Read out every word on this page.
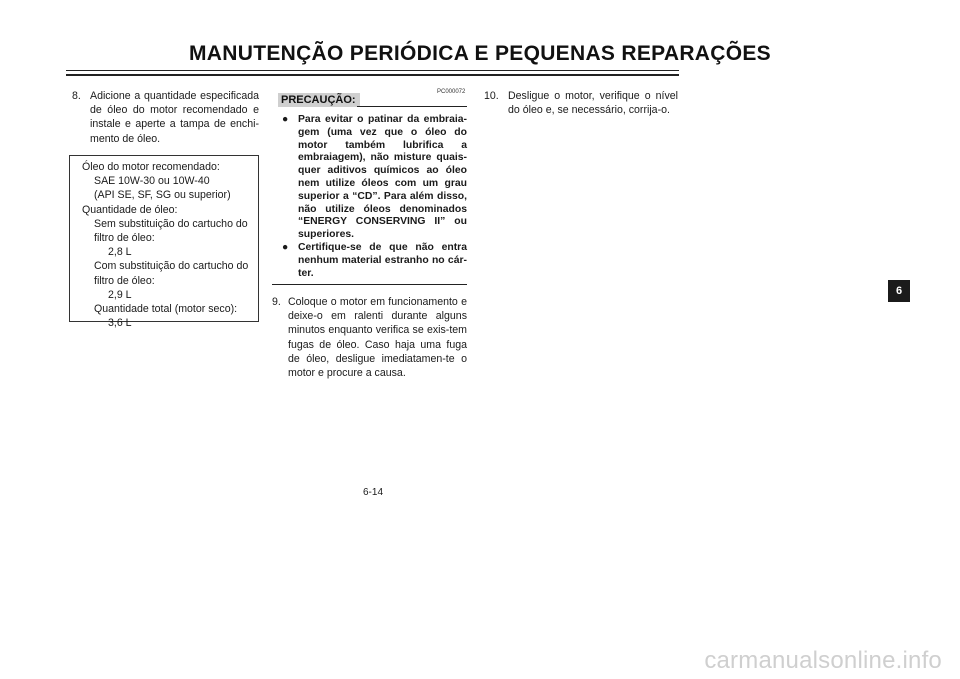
MANUTENÇÃO PERIÓDICA E PEQUENAS REPARAÇÕES
8. Adicione a quantidade especificada de óleo do motor recomendado e instale e aperte a tampa de enchi-mento de óleo.
Óleo do motor recomendado:
SAE 10W-30 ou 10W-40
(API SE, SF, SG ou superior)
Quantidade de óleo:
Sem substituição do cartucho do
filtro de óleo:
2,8 L
Com substituição do cartucho do
filtro de óleo:
2,9 L
Quantidade total (motor seco):
3,6 L
PC000072
PRECAUÇÃO:
● Para evitar o patinar da embraia-gem (uma vez que o óleo do motor também lubrifica a embraiagem), não misture quais-quer aditivos químicos ao óleo nem utilize óleos com um grau superior a “CD”. Para além disso, não utilize óleos denominados “ENERGY CONSERVING II” ou superiores.
● Certifique-se de que não entra nenhum material estranho no cár-ter.
9. Coloque o motor em funcionamento e deixe-o em ralenti durante alguns minutos enquanto verifica se exis-tem fugas de óleo. Caso haja uma fuga de óleo, desligue imediatamen-te o motor e procure a causa.
10. Desligue o motor, verifique o nível do óleo e, se necessário, corrija-o.
6-14
6
carmanualsonline.info
